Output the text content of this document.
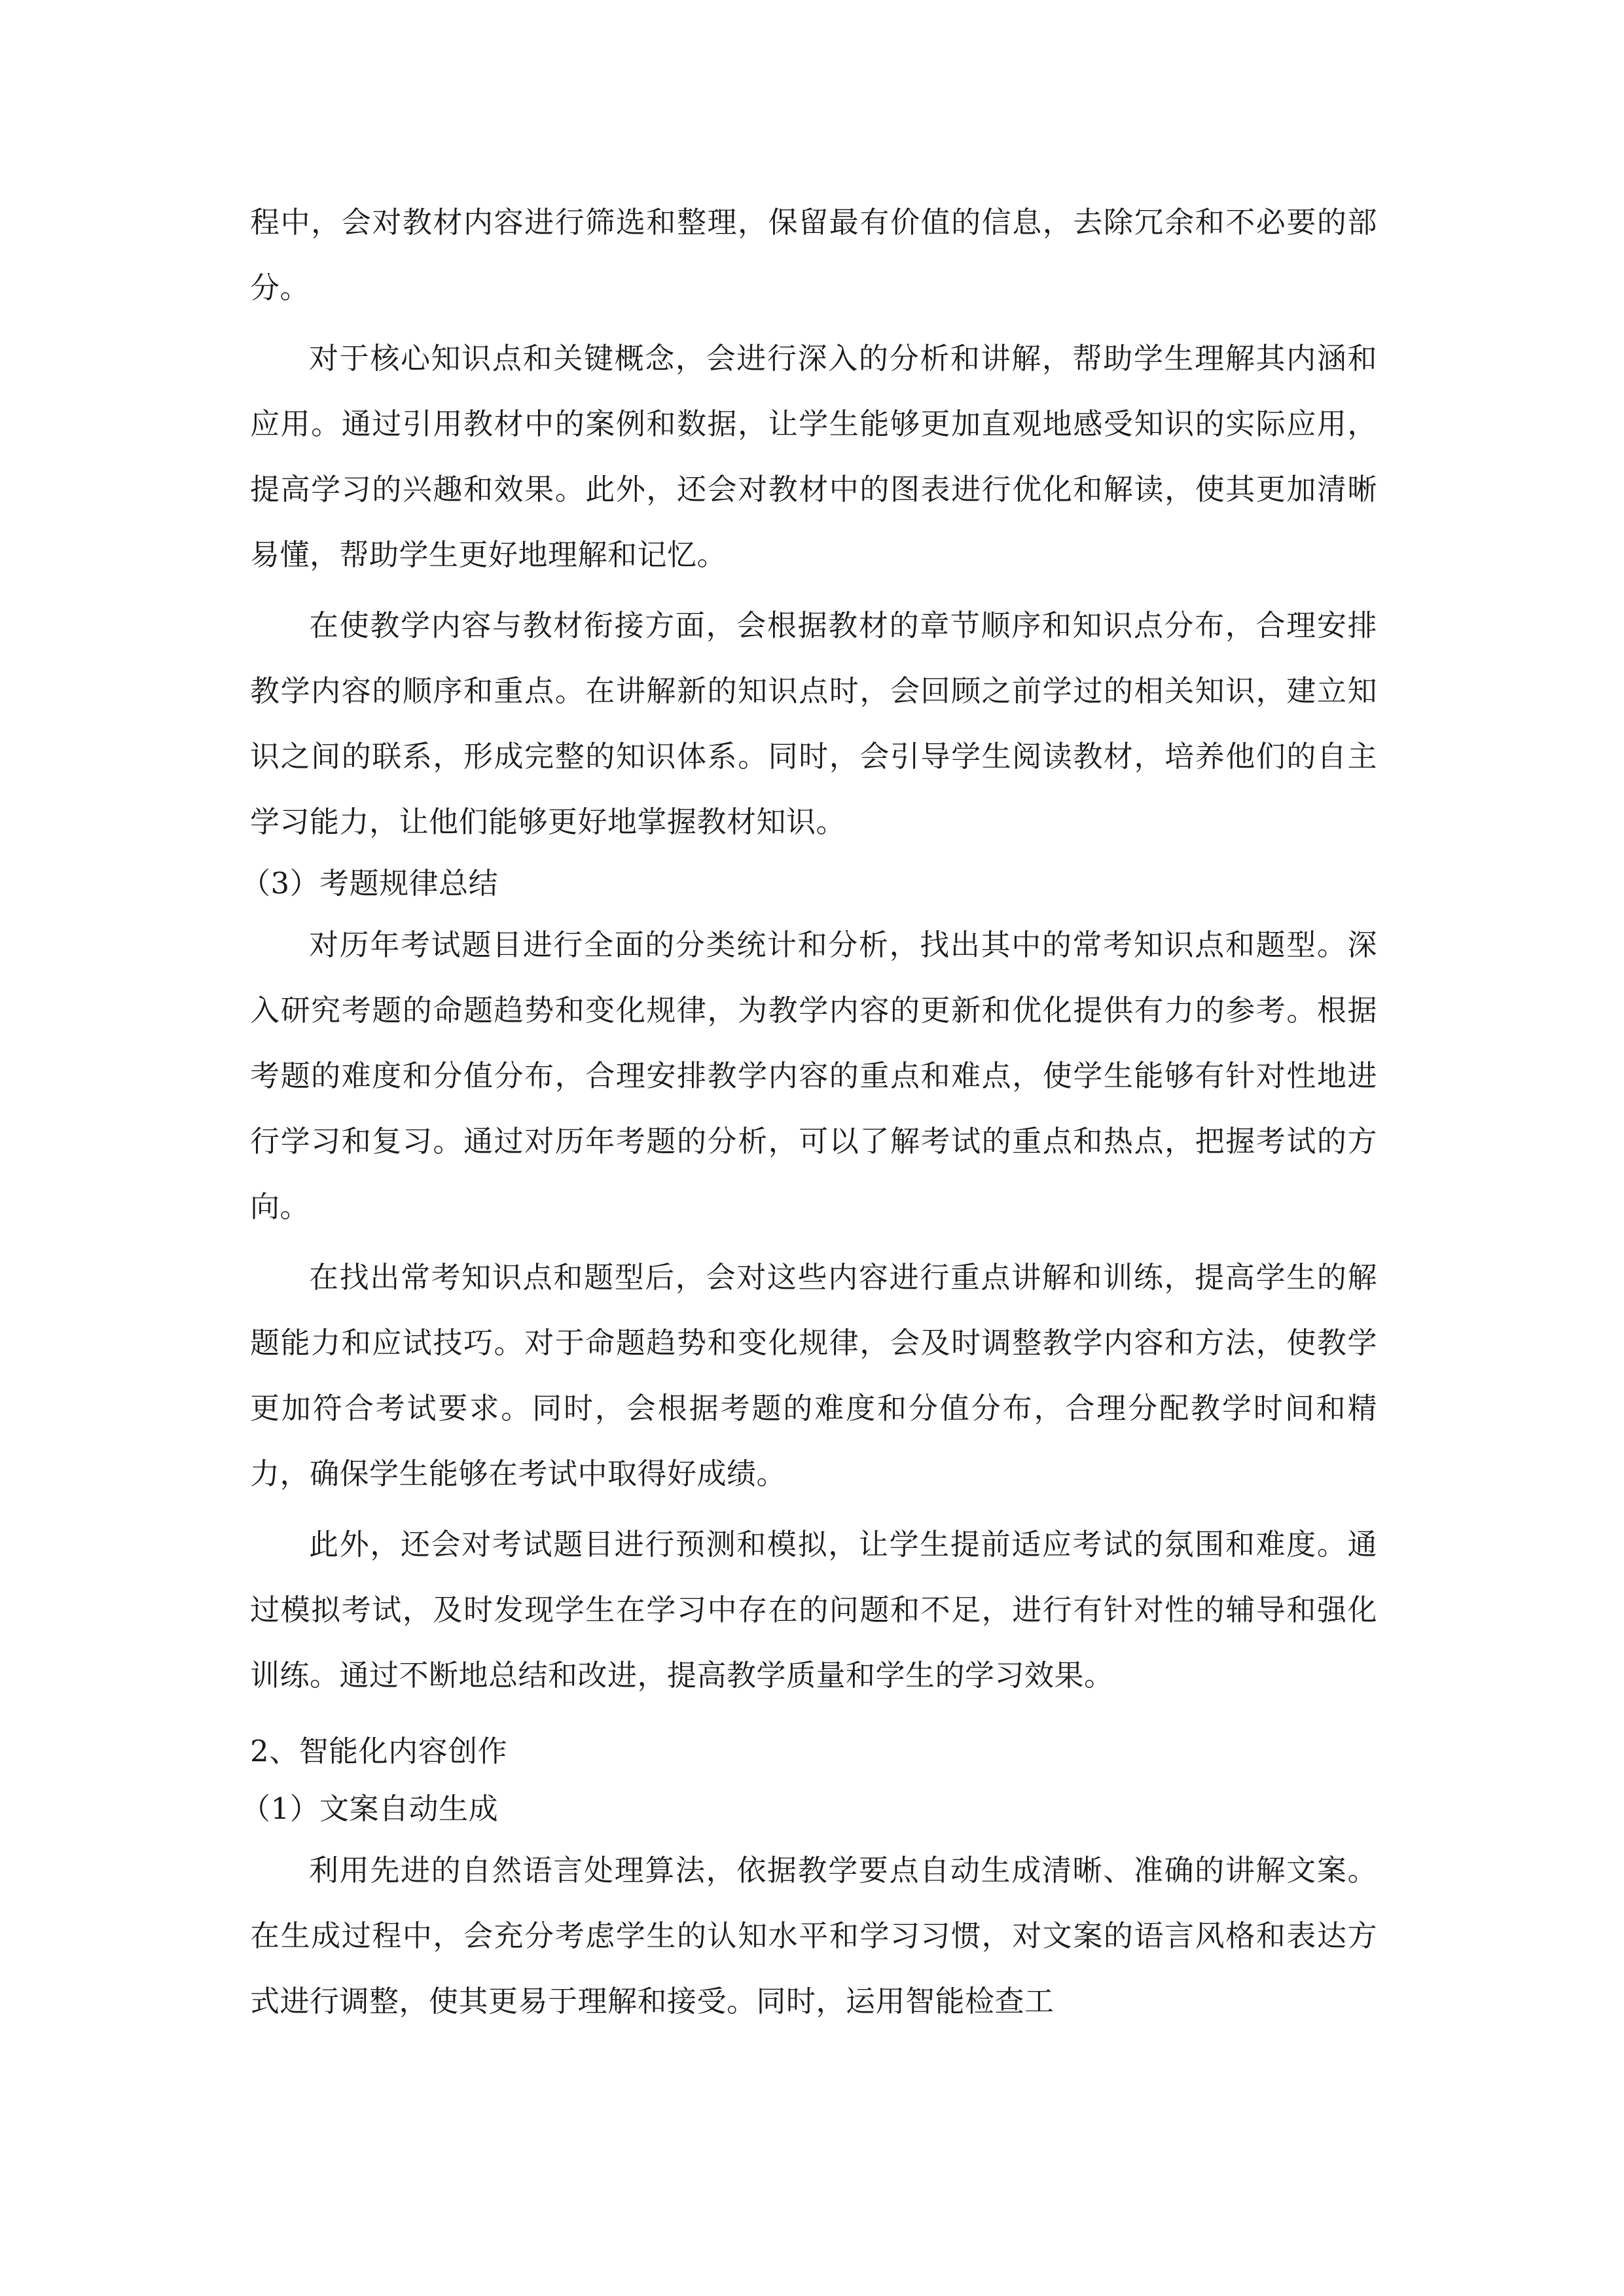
程中，会对教材内容进行筛选和整理，保留最有价值的信息，去除冗余和不必要的部分。

对于核心知识点和关键概念，会进行深入的分析和讲解，帮助学生理解其内涵和应用。通过引用教材中的案例和数据，让学生能够更加直观地感受知识的实际应用，提高学习的兴趣和效果。此外，还会对教材中的图表进行优化和解读，使其更加清晰易懂，帮助学生更好地理解和记忆。

在使教学内容与教材衔接方面，会根据教材的章节顺序和知识点分布，合理安排教学内容的顺序和重点。在讲解新的知识点时，会回顾之前学过的相关知识，建立知识之间的联系，形成完整的知识体系。同时，会引导学生阅读教材，培养他们的自主学习能力，让他们能够更好地掌握教材知识。

（3）考题规律总结

对历年考试题目进行全面的分类统计和分析，找出其中的常考知识点和题型。深入研究考题的命题趋势和变化规律，为教学内容的更新和优化提供有力的参考。根据考题的难度和分值分布，合理安排教学内容的重点和难点，使学生能够有针对性地进行学习和复习。通过对历年考题的分析，可以了解考试的重点和热点，把握考试的方向。

在找出常考知识点和题型后，会对这些内容进行重点讲解和训练，提高学生的解题能力和应试技巧。对于命题趋势和变化规律，会及时调整教学内容和方法，使教学更加符合考试要求。同时，会根据考题的难度和分值分布，合理分配教学时间和精力，确保学生能够在考试中取得好成绩。

此外，还会对考试题目进行预测和模拟，让学生提前适应考试的氛围和难度。通过模拟考试，及时发现学生在学习中存在的问题和不足，进行有针对性的辅导和强化训练。通过不断地总结和改进，提高教学质量和学生的学习效果。

2、智能化内容创作

（1）文案自动生成

利用先进的自然语言处理算法，依据教学要点自动生成清晰、准确的讲解文案。在生成过程中，会充分考虑学生的认知水平和学习习惯，对文案的语言风格和表达方式进行调整，使其更易于理解和接受。同时，运用智能检查工
